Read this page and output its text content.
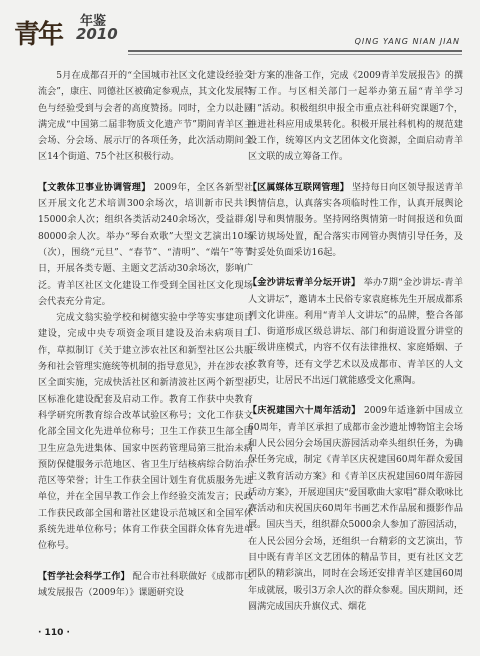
青年 年鉴
2010	QING YANG NIAN JIAN

5月在成都召开的“全国城市社区文化建设经验交流会”，康庄、同德社区被确定参观点，其文化发展特色与经验受到与会者的高度赞扬。同时，全力以赴圆满完成“中国第二届非物质文化遗产节”期间青羊区主会场、分会场、展示厅的各项任务，此次活动期间全区14个街道、75个社区积极行动。

【文教体卫事业协调管理】 2009年，全区各新型社区开展文化艺术培训300余场次，培训新市民共计15000余人次；组织各类活动240余场次，受益群众80000余人次。举办“琴台欢歌”大型文艺演出10场（次），围绕“元旦”、“春节”、“清明”、“端午”等节日，开展各类专题、主题文艺活动30余场次，影响广泛。青羊区社区文化建设工作受到全国社区文化现场会代表充分肯定。

完成文翁实验学校和树德实验中学等实事建项目建设，完成中央专项资金项目建设及治未病项目工作，草拟制订《关于建立涉农社区和新型社区公共服务和社会管理实施统等机制的指导意见》，并在涉农社区全面实施，完成快活社区和新清波社区两个新型社区标准化建设配套及启动工作。教育工作获中央教育科学研究所教育综合改革试验区称号；文化工作获文化部全国文化先进单位称号；卫生工作获卫生部全国卫生应急先进集体、国家中医药管理局第三批治未病预防保健服务示范地区、省卫生厅结核病综合防治示范区等荣誉；计生工作获全国计划生育优质服务先进单位，并在全国早教工作会上作经验交流发言；民政工作获民政部全国和谐社区建设示范城区和全国军休系统先进单位称号；体育工作获全国群众体育先进单位称号。

【哲学社会科学工作】 配合市社科联做好《成都市区域发展报告（2009年）》课题研究设

计方案的准备工作，完成《2009青羊发展报告》的撰写工作。与区相关部门一起举办第五届“青羊学习月”活动。积极组织申报全市重点社科研究课题7个，推进社科应用成果转化。积极开展社科机构的规范建设工作，统筹区内文艺团体文化资源，全面启动青羊区文联的成立筹备工作。

【区属媒体互联网管理】 坚持每日向区领导报送青羊舆情信息，认真落实各项临时性工作，认真开展舆论引导和舆情服务。坚持网络舆情第一时间报送和负面采访规场处置，配合落实市网管办舆情引导任务，及时妥处负面采访16起。

【金沙讲坛青羊分坛开讲】 举办7期“金沙讲坛-青羊人文讲坛”，邀请本土民俗专家袁庭栋先生开展成都系列文化讲座。利用“青羊人文讲坛”的品牌，整合各部门、街道形成区级总讲坛、部门和街道设置分讲堂的三级讲座模式，内容不仅有法律推权、家庭婚姻、子女教育等，还有文学艺术以及成都市、青羊区的人文历史，让居民不出远门就能感受文化熏陶。

【庆祝建国六十周年活动】 2009年适逢新中国成立60周年，青羊区承担了成都市金沙遗址博物馆主会场和人民公园分会场国庆游园活动牵头组织任务，为确保任务完成，制定《青羊区庆祝建国60周年群众爱国主义教育活动方案》和《青羊区庆祝建国60周年游园活动方案》，开展迎国庆“爱国歌曲大家唱”群众歌咏比赛活动和庆祝国庆60周年书画艺术作品展和摄影作品展。国庆当天，组织群众5000余人参加了游园活动，在人民公园分会场，还组织一台精彩的文艺演出，节目中既有青羊区文艺团体的精品节目，更有社区文艺团队的精彩演出，同时在会场还安排青羊区建国60周年成就展，吸引3万余人次的群众参观。国庆期间，还圆满完成国庆升旗仪式、烟花

· 110 ·
